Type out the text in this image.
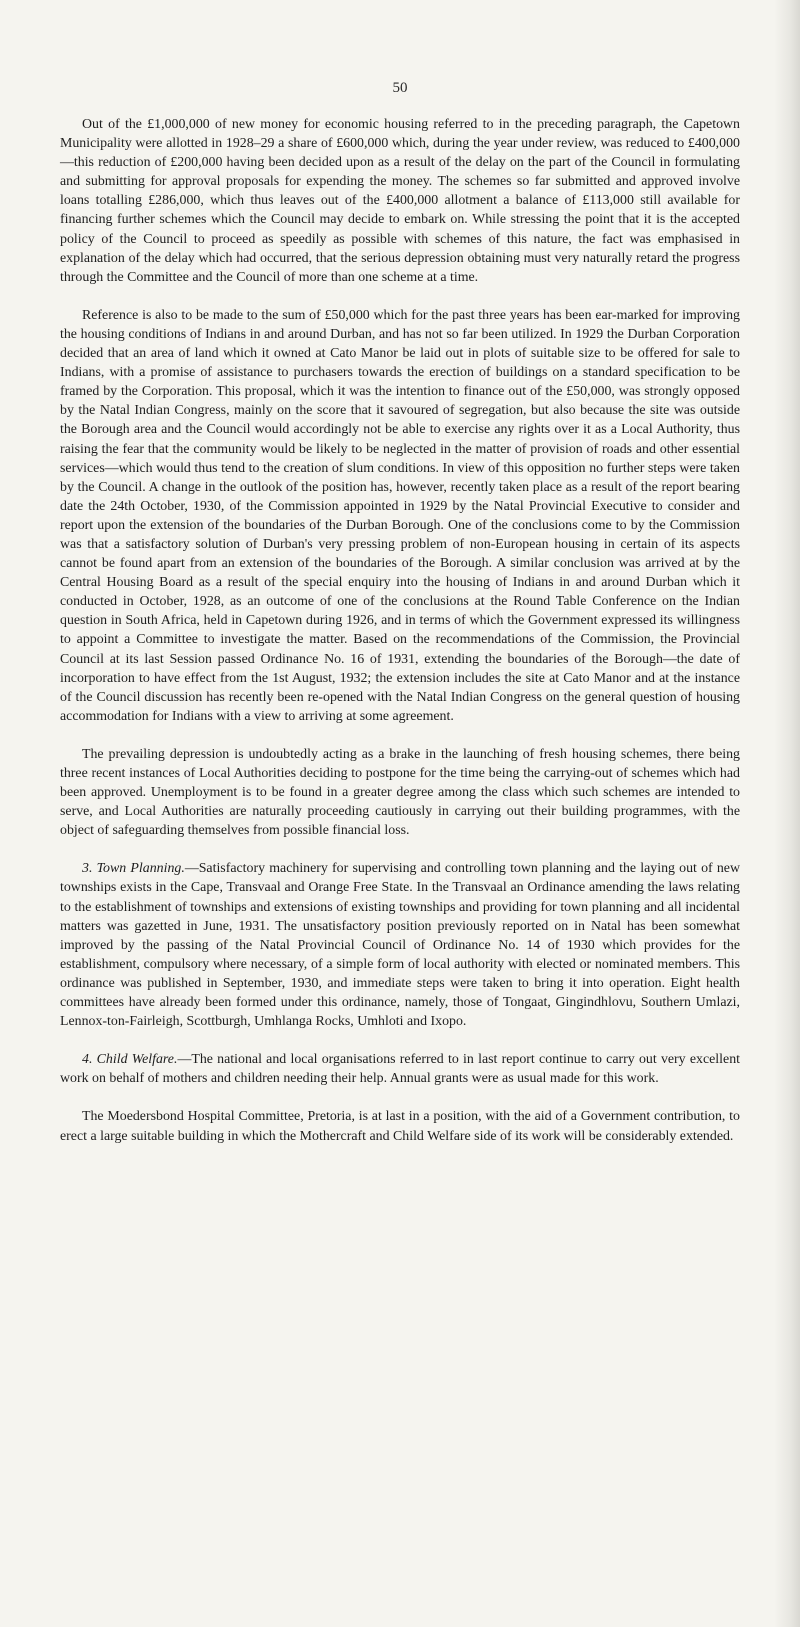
50

Out of the £1,000,000 of new money for economic housing referred to in the preceding paragraph, the Capetown Municipality were allotted in 1928–29 a share of £600,000 which, during the year under review, was reduced to £400,000—this reduction of £200,000 having been decided upon as a result of the delay on the part of the Council in formulating and submitting for approval proposals for expending the money. The schemes so far submitted and approved involve loans totalling £286,000, which thus leaves out of the £400,000 allotment a balance of £113,000 still available for financing further schemes which the Council may decide to embark on. While stressing the point that it is the accepted policy of the Council to proceed as speedily as possible with schemes of this nature, the fact was emphasised in explanation of the delay which had occurred, that the serious depression obtaining must very naturally retard the progress through the Committee and the Council of more than one scheme at a time.

Reference is also to be made to the sum of £50,000 which for the past three years has been ear-marked for improving the housing conditions of Indians in and around Durban, and has not so far been utilized. In 1929 the Durban Corporation decided that an area of land which it owned at Cato Manor be laid out in plots of suitable size to be offered for sale to Indians, with a promise of assistance to purchasers towards the erection of buildings on a standard specification to be framed by the Corporation. This proposal, which it was the intention to finance out of the £50,000, was strongly opposed by the Natal Indian Congress, mainly on the score that it savoured of segregation, but also because the site was outside the Borough area and the Council would accordingly not be able to exercise any rights over it as a Local Authority, thus raising the fear that the community would be likely to be neglected in the matter of provision of roads and other essential services—which would thus tend to the creation of slum conditions. In view of this opposition no further steps were taken by the Council. A change in the outlook of the position has, however, recently taken place as a result of the report bearing date the 24th October, 1930, of the Commission appointed in 1929 by the Natal Provincial Executive to consider and report upon the extension of the boundaries of the Durban Borough. One of the conclusions come to by the Commission was that a satisfactory solution of Durban's very pressing problem of non-European housing in certain of its aspects cannot be found apart from an extension of the boundaries of the Borough. A similar conclusion was arrived at by the Central Housing Board as a result of the special enquiry into the housing of Indians in and around Durban which it conducted in October, 1928, as an outcome of one of the conclusions at the Round Table Conference on the Indian question in South Africa, held in Capetown during 1926, and in terms of which the Government expressed its willingness to appoint a Committee to investigate the matter. Based on the recommendations of the Commission, the Provincial Council at its last Session passed Ordinance No. 16 of 1931, extending the boundaries of the Borough—the date of incorporation to have effect from the 1st August, 1932; the extension includes the site at Cato Manor and at the instance of the Council discussion has recently been re-opened with the Natal Indian Congress on the general question of housing accommodation for Indians with a view to arriving at some agreement.

The prevailing depression is undoubtedly acting as a brake in the launching of fresh housing schemes, there being three recent instances of Local Authorities deciding to postpone for the time being the carrying-out of schemes which had been approved. Unemployment is to be found in a greater degree among the class which such schemes are intended to serve, and Local Authorities are naturally proceeding cautiously in carrying out their building programmes, with the object of safeguarding themselves from possible financial loss.

3. Town Planning.—Satisfactory machinery for supervising and controlling town planning and the laying out of new townships exists in the Cape, Transvaal and Orange Free State. In the Transvaal an Ordinance amending the laws relating to the establishment of townships and extensions of existing townships and providing for town planning and all incidental matters was gazetted in June, 1931. The unsatisfactory position previously reported on in Natal has been somewhat improved by the passing of the Natal Provincial Council of Ordinance No. 14 of 1930 which provides for the establishment, compulsory where necessary, of a simple form of local authority with elected or nominated members. This ordinance was published in September, 1930, and immediate steps were taken to bring it into operation. Eight health committees have already been formed under this ordinance, namely, those of Tongaat, Gingindhlovu, Southern Umlazi, Lennox-ton-Fairleigh, Scottburgh, Umhlanga Rocks, Umhloti and Ixopo.

4. Child Welfare.—The national and local organisations referred to in last report continue to carry out very excellent work on behalf of mothers and children needing their help. Annual grants were as usual made for this work.

The Moedersbond Hospital Committee, Pretoria, is at last in a position, with the aid of a Government contribution, to erect a large suitable building in which the Mothercraft and Child Welfare side of its work will be considerably extended.
